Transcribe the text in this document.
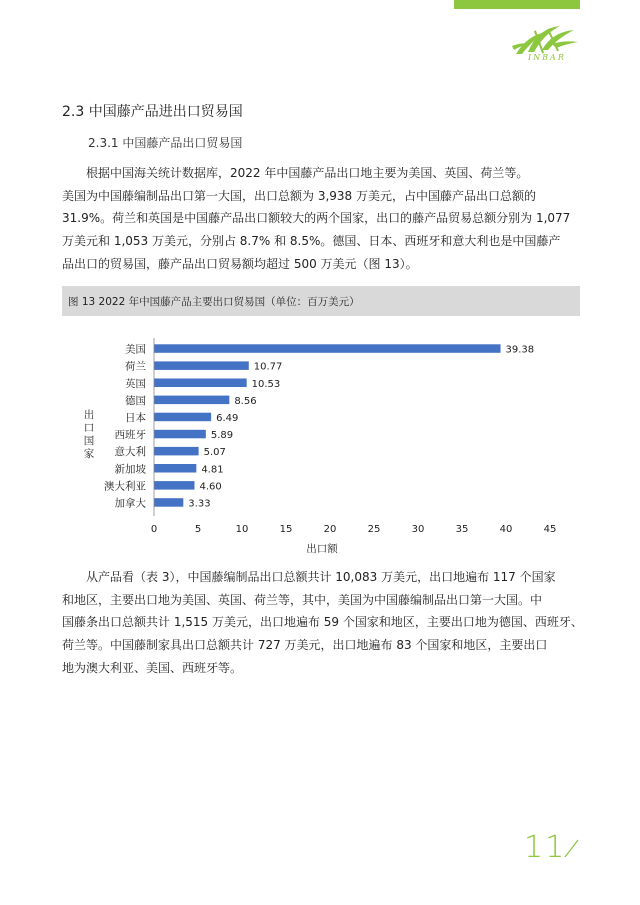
INBAR
2.3 中国藤产品进出口贸易国
2.3.1 中国藤产品出口贸易国
根据中国海关统计数据库，2022 年中国藤产品出口地主要为美国、英国、荷兰等。
美国为中国藤编制品出口第一大国，出口总额为 3,938 万美元，占中国藤产品出口总额的
31.9%。荷兰和英国是中国藤产品出口额较大的两个国家，出口的藤产品贸易总额分别为 1,077
万美元和 1,053 万美元，分别占 8.7% 和 8.5%。德国、日本、西班牙和意大利也是中国藤产
品出口的贸易国，藤产品出口贸易额均超过 500 万美元（图 13）。
图 13 2022 年中国藤产品主要出口贸易国（单位：百万美元）
美国	39.38
荷兰	10.77
英国	10.53
德国	8.56
日本	6.49
西班牙	5.89
意大利	5.07
新加坡	4.81
澳大利亚	4.60
加拿大	3.33
0	5	10	15	20	25	30	35	40	45
出口额
出
口
国
家
从产品看（表 3），中国藤编制品出口总额共计 10,083 万美元，出口地遍布 117 个国家
和地区，主要出口地为美国、英国、荷兰等，其中，美国为中国藤编制品出口第一大国。中
国藤条出口总额共计 1,515 万美元，出口地遍布 59 个国家和地区，主要出口地为德国、西班牙、
荷兰等。中国藤制家具出口总额共计 727 万美元，出口地遍布 83 个国家和地区，主要出口
地为澳大利亚、美国、西班牙等。
11
